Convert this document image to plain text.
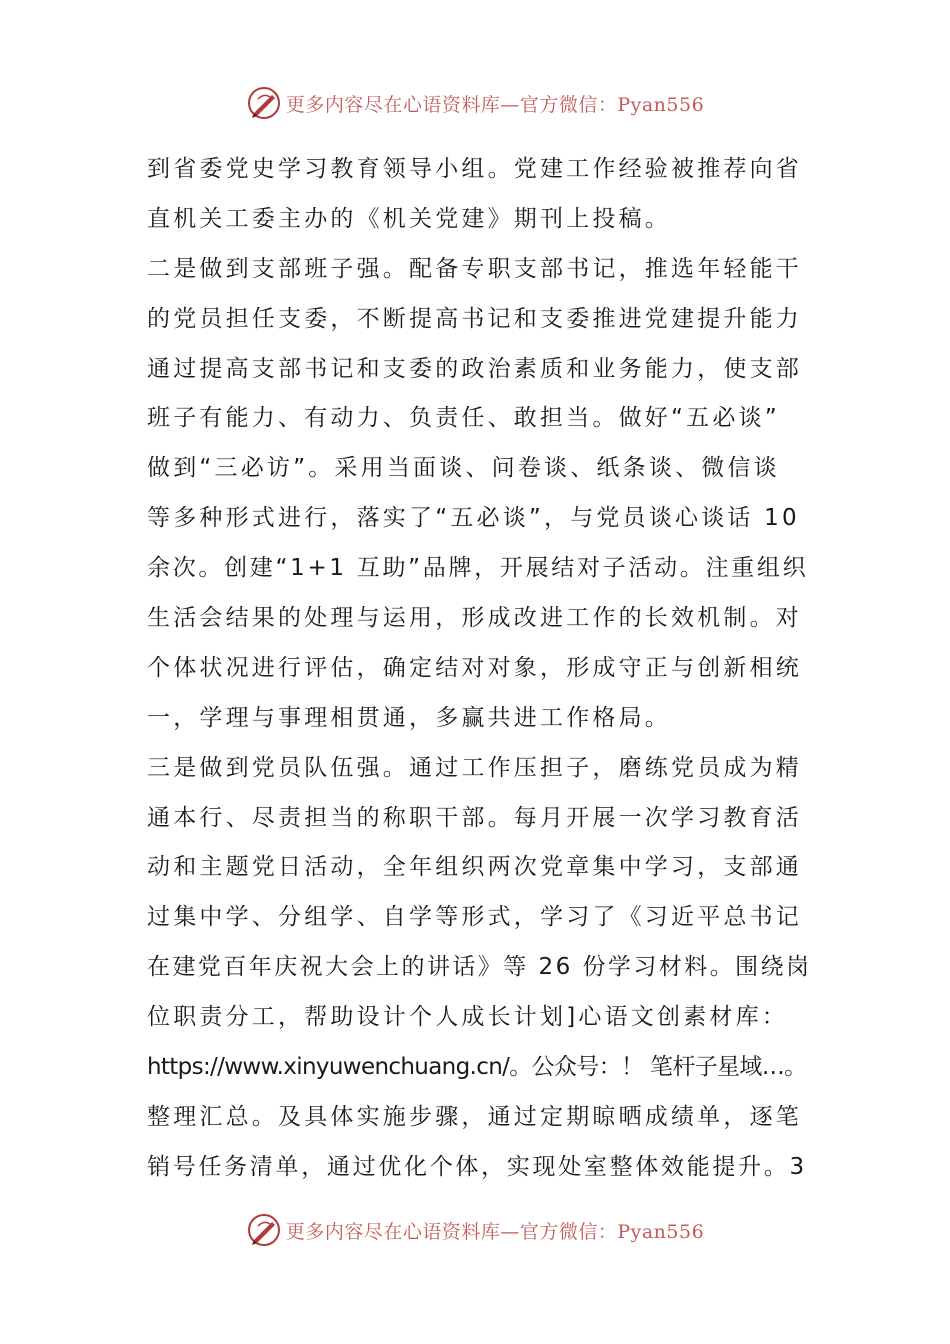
更多内容尽在心语资料库—官方微信：Pyan556
到省委党史学习教育领导小组。党建工作经验被推荐向省
直机关工委主办的《机关党建》期刊上投稿。
二是做到支部班子强。配备专职支部书记，推选年轻能干
的党员担任支委，不断提高书记和支委推进党建提升能力
通过提高支部书记和支委的政治素质和业务能力，使支部
班子有能力、有动力、负责任、敢担当。做好“五必谈”
做到“三必访”。采用当面谈、问卷谈、纸条谈、微信谈
等多种形式进行，落实了“五必谈”，与党员谈心谈话 10
余次。创建“1+1 互助”品牌，开展结对子活动。注重组织
生活会结果的处理与运用，形成改进工作的长效机制。对
个体状况进行评估，确定结对对象，形成守正与创新相统
一，学理与事理相贯通，多赢共进工作格局。
三是做到党员队伍强。通过工作压担子，磨练党员成为精
通本行、尽责担当的称职干部。每月开展一次学习教育活
动和主题党日活动，全年组织两次党章集中学习，支部通
过集中学、分组学、自学等形式，学习了《习近平总书记
在建党百年庆祝大会上的讲话》等 26 份学习材料。围绕岗
位职责分工，帮助设计个人成长计划]心语文创素材库：
https://www.xinyuwenchuang.cn/。公众号：！ 笔杆子星域…。
整理汇总。及具体实施步骤，通过定期晾晒成绩单，逐笔
销号任务清单，通过优化个体，实现处室整体效能提升。3
更多内容尽在心语资料库—官方微信：Pyan556
